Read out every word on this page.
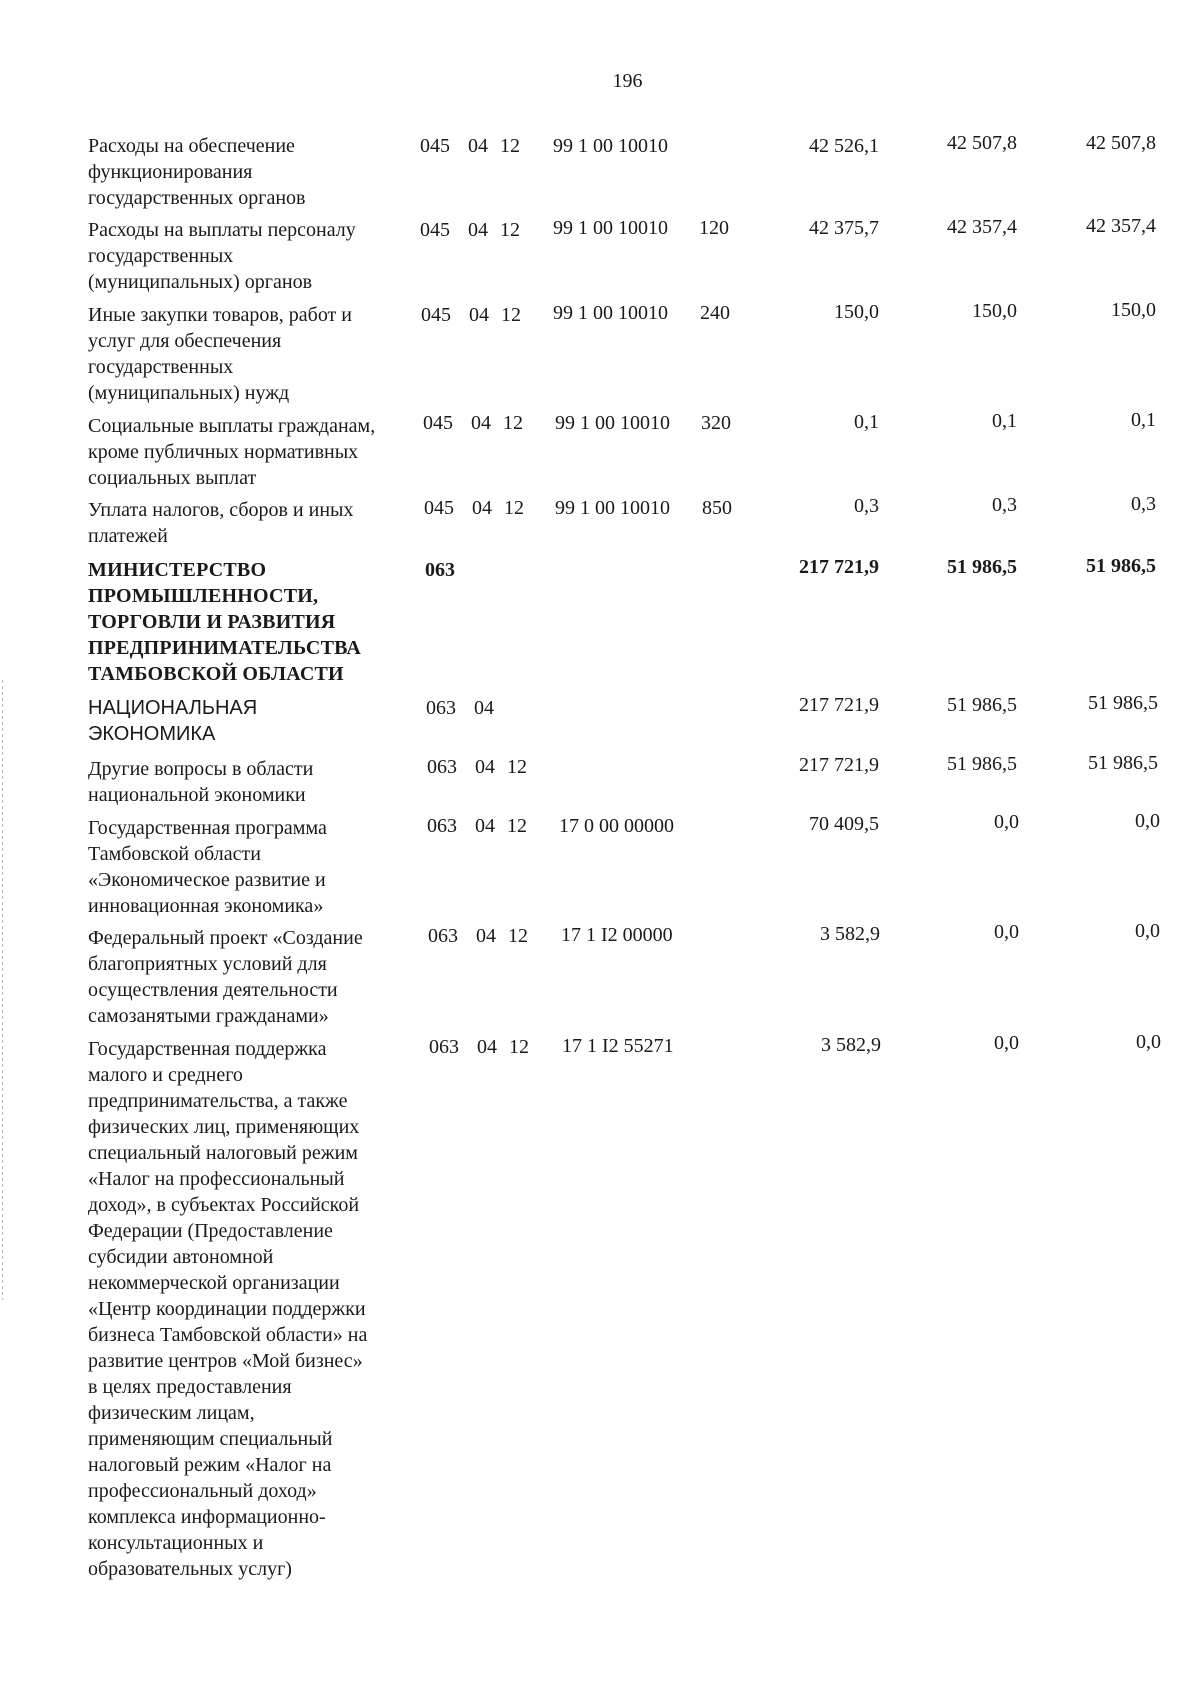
196
Расходы на обеспечение
функционирования
государственных органов
045 04 12 99 1 00 10010	42 526,1	42 507,8	42 507,8
Расходы на выплаты персоналу
государственных
(муниципальных) органов
045 04 12 99 1 00 10010 120	42 375,7	42 357,4	42 357,4
Иные закупки товаров, работ и
услуг для обеспечения
государственных
(муниципальных) нужд
045 04 12 99 1 00 10010 240	150,0	150,0	150,0
Социальные выплаты гражданам,
кроме публичных нормативных
социальных выплат
045 04 12 99 1 00 10010 320	0,1	0,1	0,1
Уплата налогов, сборов и иных
платежей
045 04 12 99 1 00 10010 850	0,3	0,3	0,3
МИНИСТЕРСТВО
ПРОМЫШЛЕННОСТИ,
ТОРГОВЛИ И РАЗВИТИЯ
ПРЕДПРИНИМАТЕЛЬСТВА
ТАМБОВСКОЙ ОБЛАСТИ
063	217 721,9	51 986,5	51 986,5
НАЦИОНАЛЬНАЯ
ЭКОНОМИКА
063 04	217 721,9	51 986,5	51 986,5
Другие вопросы в области
национальной экономики
063 04 12	217 721,9	51 986,5	51 986,5
Государственная программа
Тамбовской области
«Экономическое развитие и
инновационная экономика»
063 04 12 17 0 00 00000	70 409,5	0,0	0,0
Федеральный проект «Создание
благоприятных условий для
осуществления деятельности
самозанятыми гражданами»
063 04 12 17 1 I2 00000	3 582,9	0,0	0,0
Государственная поддержка
малого и среднего
предпринимательства, а также
физических лиц, применяющих
специальный налоговый режим
«Налог на профессиональный
доход», в субъектах Российской
Федерации (Предоставление
субсидии автономной
некоммерческой организации
«Центр координации поддержки
бизнеса Тамбовской области» на
развитие центров «Мой бизнес»
в целях предоставления
физическим лицам,
применяющим специальный
налоговый режим «Налог на
профессиональный доход»
комплекса информационно-
консультационных и
образовательных услуг)
063 04 12 17 1 I2 55271	3 582,9	0,0	0,0
